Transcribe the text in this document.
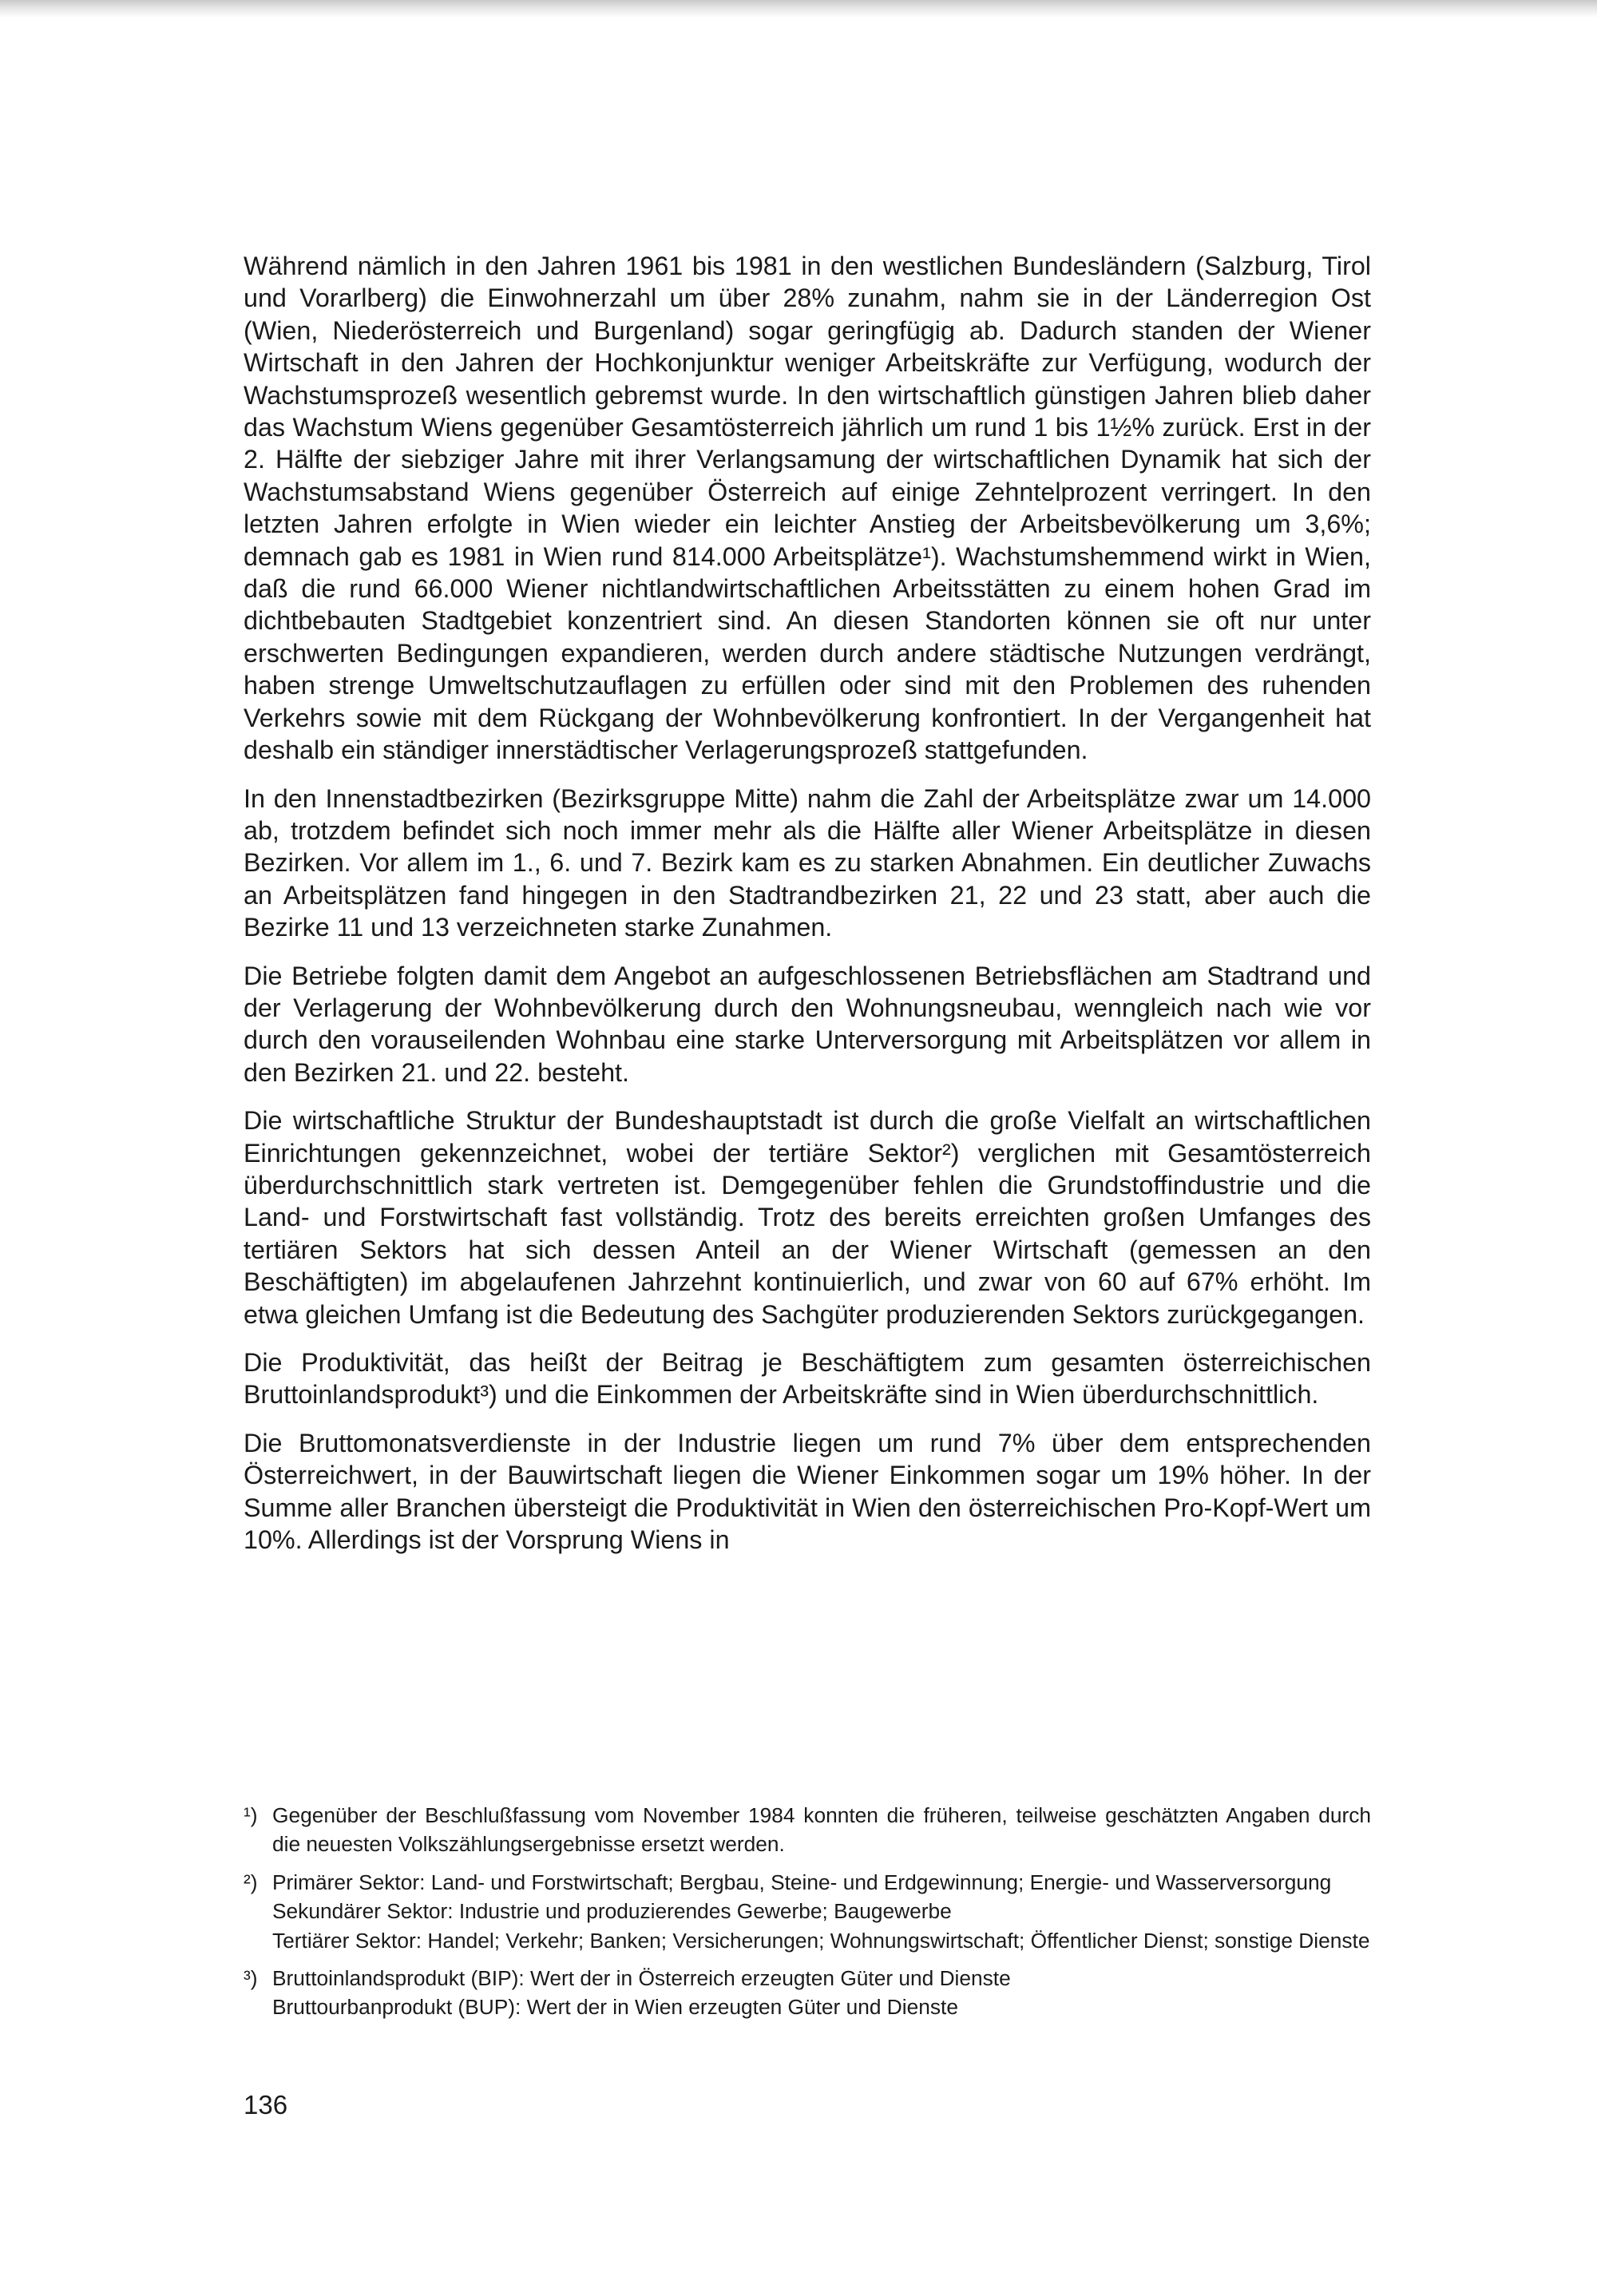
Während nämlich in den Jahren 1961 bis 1981 in den westlichen Bundesländern (Salzburg, Tirol und Vorarlberg) die Einwohnerzahl um über 28% zunahm, nahm sie in der Länderregion Ost (Wien, Niederösterreich und Burgenland) sogar geringfügig ab. Dadurch standen der Wiener Wirtschaft in den Jahren der Hochkonjunktur weniger Arbeitskräfte zur Verfügung, wodurch der Wachstumsprozeß wesentlich gebremst wurde. In den wirtschaftlich günstigen Jahren blieb daher das Wachstum Wiens gegenüber Gesamtösterreich jährlich um rund 1 bis 1½% zurück. Erst in der 2. Hälfte der siebziger Jahre mit ihrer Verlangsamung der wirtschaftlichen Dynamik hat sich der Wachstumsabstand Wiens gegenüber Österreich auf einige Zehntelprozent verringert. In den letzten Jahren erfolgte in Wien wieder ein leichter Anstieg der Arbeitsbevölkerung um 3,6%; demnach gab es 1981 in Wien rund 814.000 Arbeitsplätze¹). Wachstumshemmend wirkt in Wien, daß die rund 66.000 Wiener nichtlandwirtschaftlichen Arbeitsstätten zu einem hohen Grad im dichtbebauten Stadtgebiet konzentriert sind. An diesen Standorten können sie oft nur unter erschwerten Bedingungen expandieren, werden durch andere städtische Nutzungen verdrängt, haben strenge Umweltschutzauflagen zu erfüllen oder sind mit den Problemen des ruhenden Verkehrs sowie mit dem Rückgang der Wohnbevölkerung konfrontiert. In der Vergangenheit hat deshalb ein ständiger innerstädtischer Verlagerungsprozeß stattgefunden.

In den Innenstadtbezirken (Bezirksgruppe Mitte) nahm die Zahl der Arbeitsplätze zwar um 14.000 ab, trotzdem befindet sich noch immer mehr als die Hälfte aller Wiener Arbeitsplätze in diesen Bezirken. Vor allem im 1., 6. und 7. Bezirk kam es zu starken Abnahmen. Ein deutlicher Zuwachs an Arbeitsplätzen fand hingegen in den Stadtrandbezirken 21, 22 und 23 statt, aber auch die Bezirke 11 und 13 verzeichneten starke Zunahmen.

Die Betriebe folgten damit dem Angebot an aufgeschlossenen Betriebsflächen am Stadtrand und der Verlagerung der Wohnbevölkerung durch den Wohnungsneubau, wenngleich nach wie vor durch den vorauseilenden Wohnbau eine starke Unterversorgung mit Arbeitsplätzen vor allem in den Bezirken 21. und 22. besteht.

Die wirtschaftliche Struktur der Bundeshauptstadt ist durch die große Vielfalt an wirtschaftlichen Einrichtungen gekennzeichnet, wobei der tertiäre Sektor²) verglichen mit Gesamtösterreich überdurchschnittlich stark vertreten ist. Demgegenüber fehlen die Grundstoffindustrie und die Land- und Forstwirtschaft fast vollständig. Trotz des bereits erreichten großen Umfanges des tertiären Sektors hat sich dessen Anteil an der Wiener Wirtschaft (gemessen an den Beschäftigten) im abgelaufenen Jahrzehnt kontinuierlich, und zwar von 60 auf 67% erhöht. Im etwa gleichen Umfang ist die Bedeutung des Sachgüter produzierenden Sektors zurückgegangen.

Die Produktivität, das heißt der Beitrag je Beschäftigtem zum gesamten österreichischen Bruttoinlandsprodukt³) und die Einkommen der Arbeitskräfte sind in Wien überdurchschnittlich.

Die Bruttomonatsverdienste in der Industrie liegen um rund 7% über dem entsprechenden Österreichwert, in der Bauwirtschaft liegen die Wiener Einkommen sogar um 19% höher. In der Summe aller Branchen übersteigt die Produktivität in Wien den österreichischen Pro-Kopf-Wert um 10%. Allerdings ist der Vorsprung Wiens in

¹) Gegenüber der Beschlußfassung vom November 1984 konnten die früheren, teilweise geschätzten Angaben durch die neuesten Volkszählungsergebnisse ersetzt werden.
²) Primärer Sektor: Land- und Forstwirtschaft; Bergbau, Steine- und Erdgewinnung; Energie- und Wasserversorgung
Sekundärer Sektor: Industrie und produzierendes Gewerbe; Baugewerbe
Tertiärer Sektor: Handel; Verkehr; Banken; Versicherungen; Wohnungswirtschaft; Öffentlicher Dienst; sonstige Dienste
³) Bruttoinlandsprodukt (BIP): Wert der in Österreich erzeugten Güter und Dienste
Bruttourbanprodukt (BUP): Wert der in Wien erzeugten Güter und Dienste
136
